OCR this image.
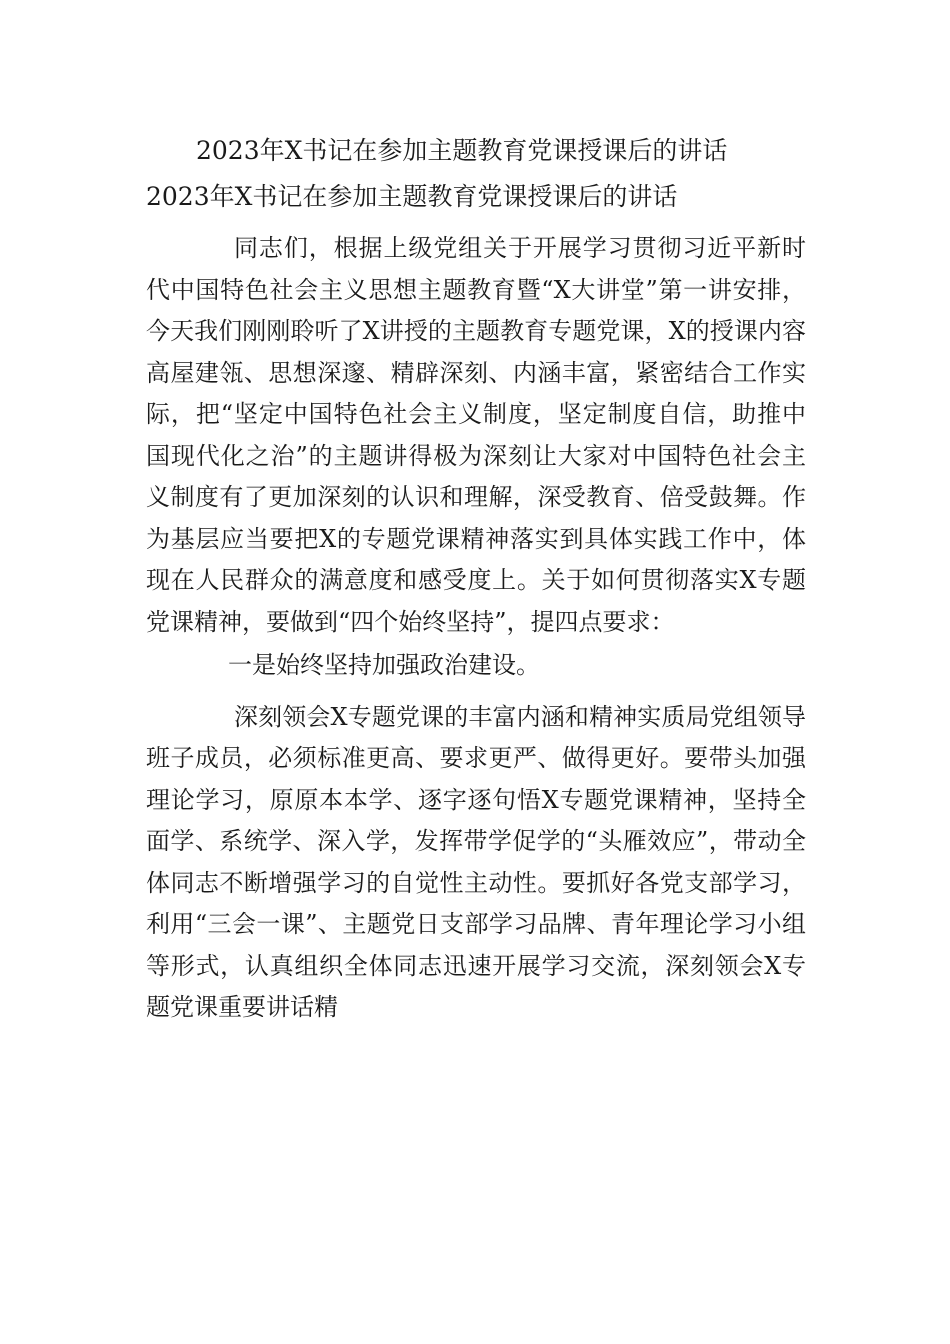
2023年X书记在参加主题教育党课授课后的讲话
2023年X书记在参加主题教育党课授课后的讲话

同志们，根据上级党组关于开展学习贯彻习近平新时代中国特色社会主义思想主题教育暨“X大讲堂”第一讲安排，今天我们刚刚聆听了X讲授的主题教育专题党课，X的授课内容高屋建瓴、思想深邃、精辟深刻、内涵丰富，紧密结合工作实际，把“坚定中国特色社会主义制度，坚定制度自信，助推中国现代化之治”的主题讲得极为深刻让大家对中国特色社会主义制度有了更加深刻的认识和理解，深受教育、倍受鼓舞。作为基层应当要把X的专题党课精神落实到具体实践工作中，体现在人民群众的满意度和感受度上。关于如何贯彻落实X专题党课精神，要做到“四个始终坚持”，提四点要求：

一是始终坚持加强政治建设。

深刻领会X专题党课的丰富内涵和精神实质局党组领导班子成员，必须标准更高、要求更严、做得更好。要带头加强理论学习，原原本本学、逐字逐句悟X专题党课精神，坚持全面学、系统学、深入学，发挥带学促学的“头雁效应”，带动全体同志不断增强学习的自觉性主动性。要抓好各党支部学习，利用“三会一课”、主题党日支部学习品牌、青年理论学习小组等形式，认真组织全体同志迅速开展学习交流，深刻领会X专题党课重要讲话精
